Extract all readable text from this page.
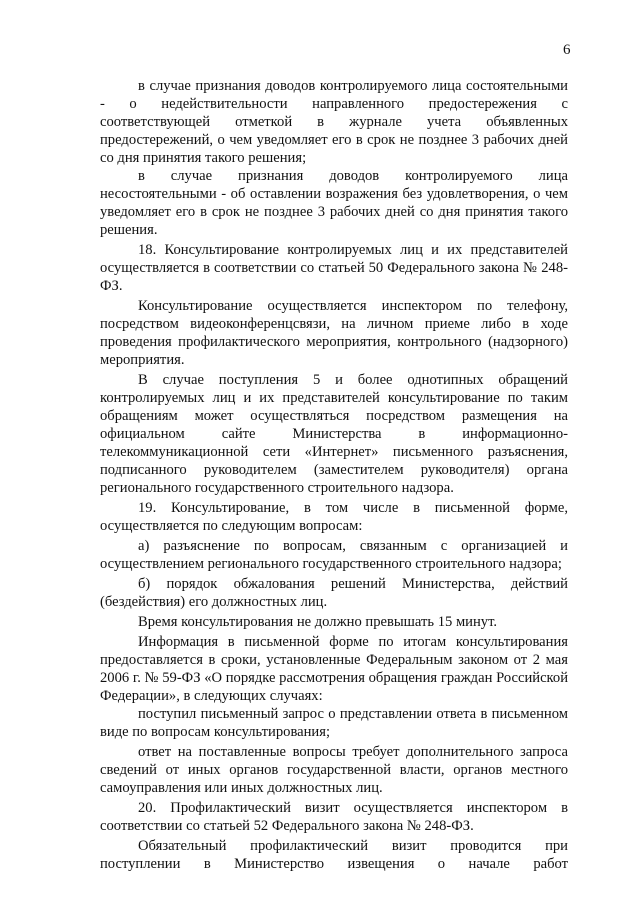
6

в случае признания доводов контролируемого лица состоятельными - о недействительности направленного предостережения с соответствующей отметкой в журнале учета объявленных предостережений, о чем уведомляет его в срок не позднее 3 рабочих дней со дня принятия такого решения;

в случае признания доводов контролируемого лица несостоятельными - об оставлении возражения без удовлетворения, о чем уведомляет его в срок не позднее 3 рабочих дней со дня принятия такого решения.

18. Консультирование контролируемых лиц и их представителей осуществляется в соответствии со статьей 50 Федерального закона № 248-ФЗ.

Консультирование осуществляется инспектором по телефону, посредством видеоконференцсвязи, на личном приеме либо в ходе проведения профилактического мероприятия, контрольного (надзорного) мероприятия.

В случае поступления 5 и более однотипных обращений контролируемых лиц и их представителей консультирование по таким обращениям может осуществляться посредством размещения на официальном сайте Министерства в информационно-телекоммуникационной сети «Интернет» письменного разъяснения, подписанного руководителем (заместителем руководителя) органа регионального государственного строительного надзора.

19. Консультирование, в том числе в письменной форме, осуществляется по следующим вопросам:

а) разъяснение по вопросам, связанным с организацией и осуществлением регионального государственного строительного надзора;

б) порядок обжалования решений Министерства, действий (бездействия) его должностных лиц.

Время консультирования не должно превышать 15 минут.

Информация в письменной форме по итогам консультирования предоставляется в сроки, установленные Федеральным законом от 2 мая 2006 г. № 59-ФЗ «О порядке рассмотрения обращения граждан Российской Федерации», в следующих случаях:

поступил письменный запрос о представлении ответа в письменном виде по вопросам консультирования;

ответ на поставленные вопросы требует дополнительного запроса сведений от иных органов государственной власти, органов местного самоуправления или иных должностных лиц.

20. Профилактический визит осуществляется инспектором в соответствии со статьей 52 Федерального закона № 248-ФЗ.

Обязательный профилактический визит проводится при поступлении в Министерство извещения о начале работ
